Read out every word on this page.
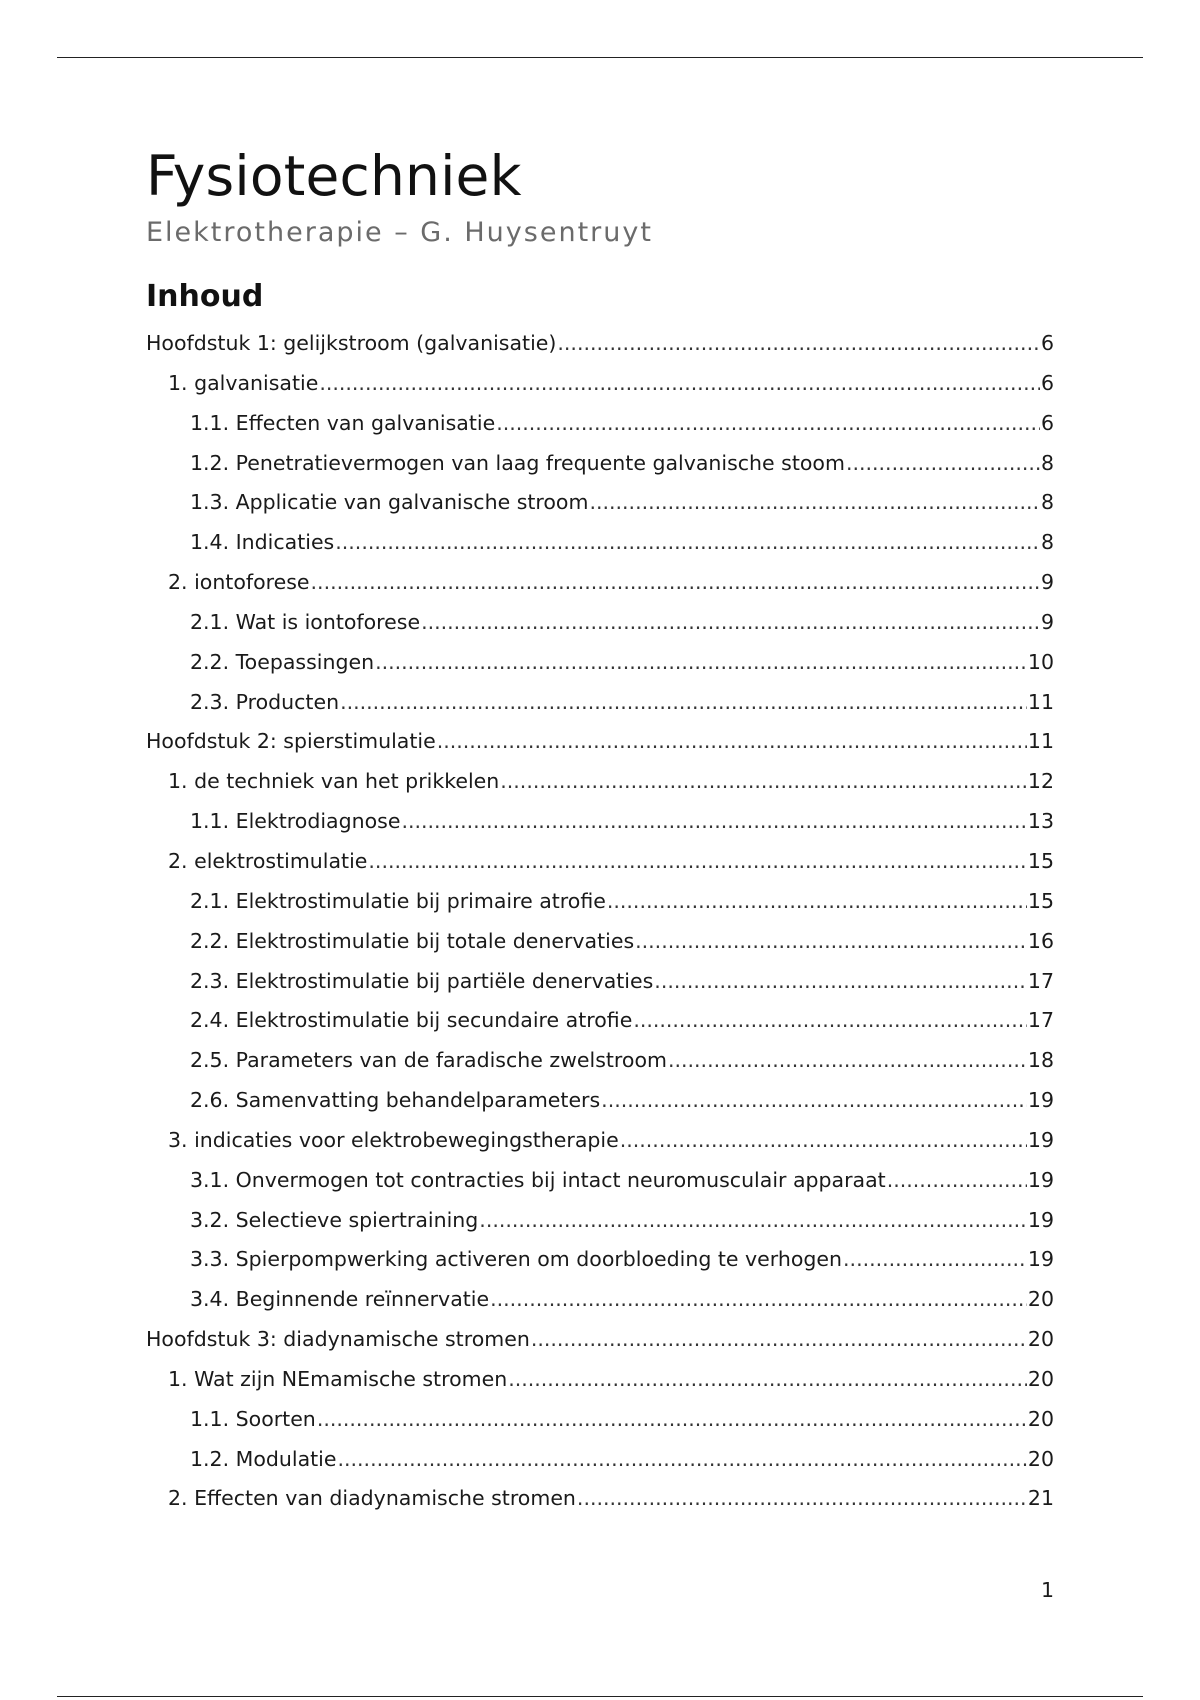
Fysiotechniek
Elektrotherapie – G. Huysentruyt
Inhoud
Hoofdstuk 1: gelijkstroom (galvanisatie) .....	6
1. galvanisatie .....	6
1.1. Effecten van galvanisatie .....	6
1.2. Penetratievermogen van laag frequente galvanische stoom .....	8
1.3. Applicatie van galvanische stroom .....	8
1.4. Indicaties .....	8
2. iontoforese .....	9
2.1. Wat is iontoforese .....	9
2.2. Toepassingen .....	10
2.3. Producten .....	11
Hoofdstuk 2: spierstimulatie .....	11
1. de techniek van het prikkelen .....	12
1.1. Elektrodiagnose .....	13
2. elektrostimulatie .....	15
2.1. Elektrostimulatie bij primaire atrofie .....	15
2.2. Elektrostimulatie bij totale denervaties .....	16
2.3. Elektrostimulatie bij partiële denervaties .....	17
2.4. Elektrostimulatie bij secundaire atrofie .....	17
2.5. Parameters van de faradische zwelstroom .....	18
2.6. Samenvatting behandelparameters .....	19
3. indicaties voor elektrobewegingstherapie .....	19
3.1. Onvermogen tot contracties bij intact neuromusculair apparaat .....	19
3.2. Selectieve spiertraining .....	19
3.3. Spierpompwerking activeren om doorbloeding te verhogen .....	19
3.4. Beginnende reïnnervatie .....	20
Hoofdstuk 3: diadynamische stromen .....	20
1. Wat zijn NEmamische stromen .....	20
1.1. Soorten .....	20
1.2. Modulatie .....	20
2. Effecten van diadynamische stromen .....	21
1
